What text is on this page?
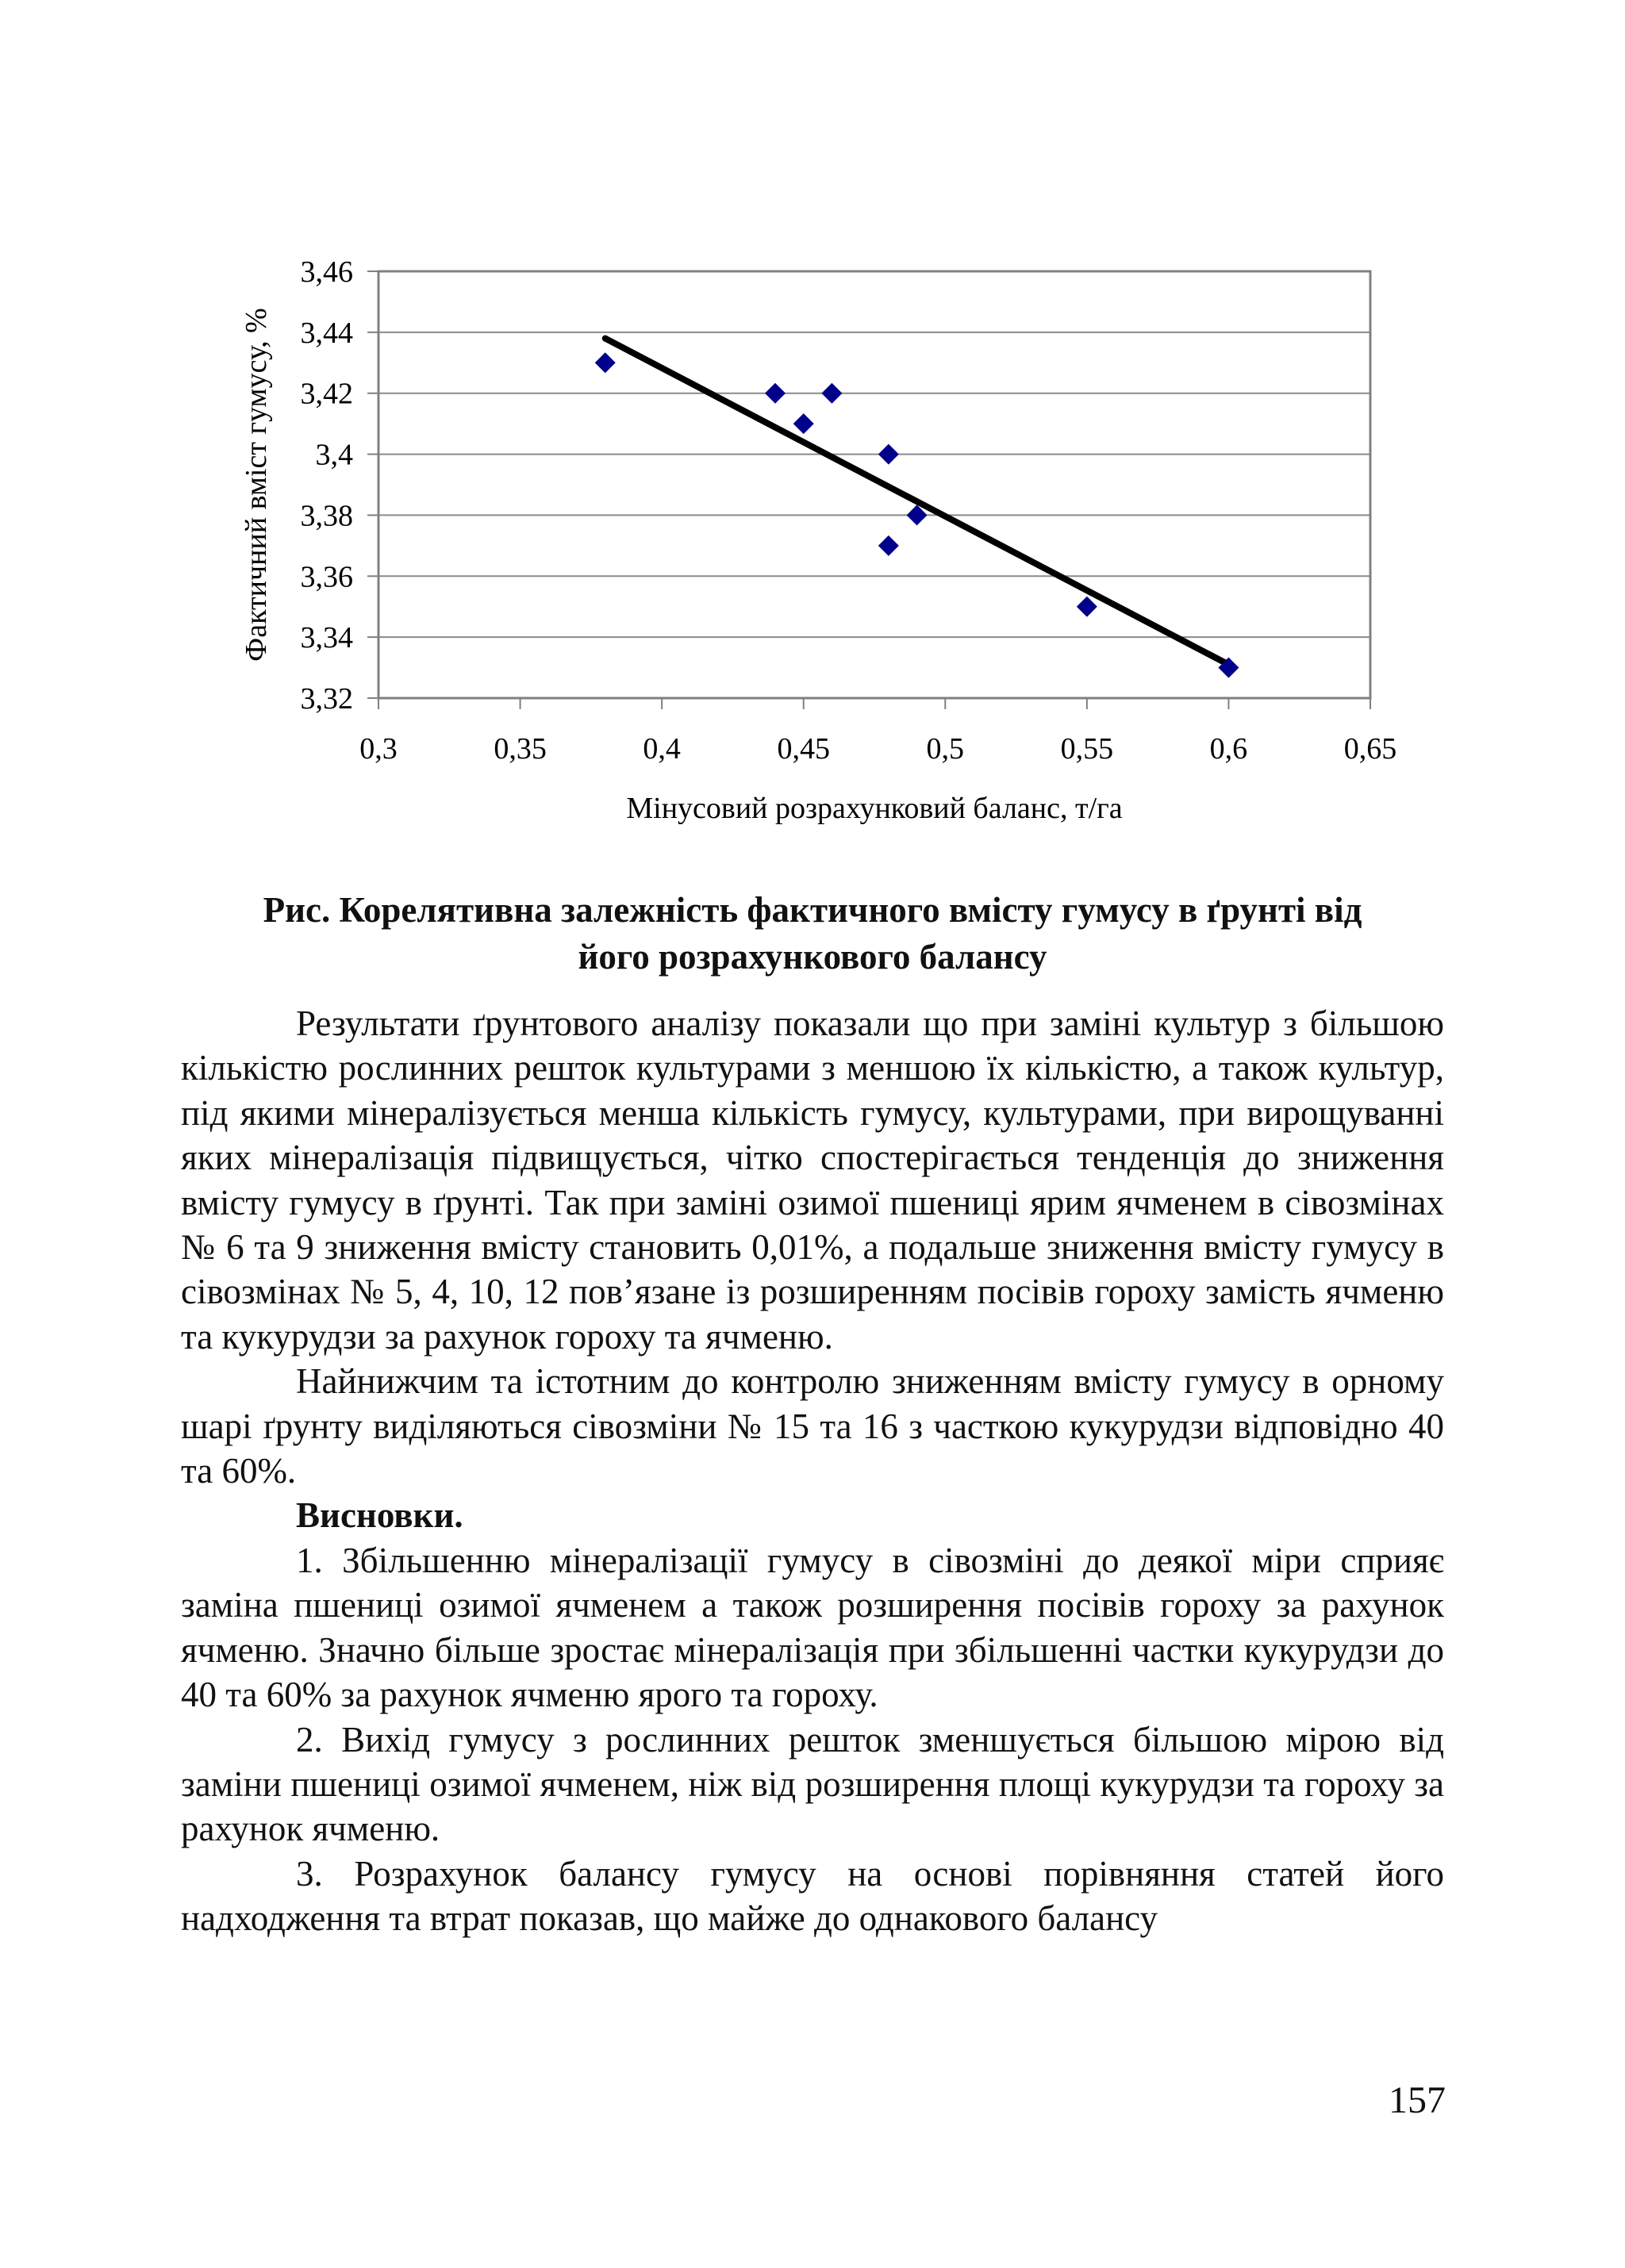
3,46
3,44
3,42
3,4
3,38
3,36
3,34
3,32
0,3	0,35	0,4	0,45	0,5	0,55	0,6	0,65
Фактичний вміст гумусу, %
Мінусовий розрахунковий баланс, т/га

Рис. Корелятивна залежність фактичного вмісту гумусу в ґрунті від
його розрахункового балансу

Результати ґрунтового аналізу показали що при заміні культур з більшою кількістю рослинних решток культурами з меншою їх кількістю, а також культур, під якими мінералізується менша кількість гумусу, культурами, при вирощуванні яких мінералізація підвищується, чітко спостерігається тенденція до зниження вмісту гумусу в ґрунті. Так при заміні озимої пшениці ярим ячменем в сівозмінах № 6 та 9 зниження вмісту становить 0,01%, а подальше зниження вмісту гумусу в сівозмінах № 5, 4, 10, 12 пов’язане із розширенням посівів гороху замість ячменю та кукурудзи за рахунок гороху та ячменю.

Найнижчим та істотним до контролю зниженням вмісту гумусу в орному шарі ґрунту виділяються сівозміни № 15 та 16 з часткою кукурудзи відповідно 40 та 60%.

Висновки.

1. Збільшенню мінералізації гумусу в сівозміні до деякої міри сприяє заміна пшениці озимої ячменем а також розширення посівів гороху за рахунок ячменю. Значно більше зростає мінералізація при збільшенні частки кукурудзи до 40 та 60% за рахунок ячменю ярого та гороху.

2. Вихід гумусу з рослинних решток зменшується більшою мірою від заміни пшениці озимої ячменем, ніж від розширення площі кукурудзи та гороху за рахунок ячменю.

3. Розрахунок балансу гумусу на основі порівняння статей його надходження та втрат показав, що майже до однакового балансу

157
